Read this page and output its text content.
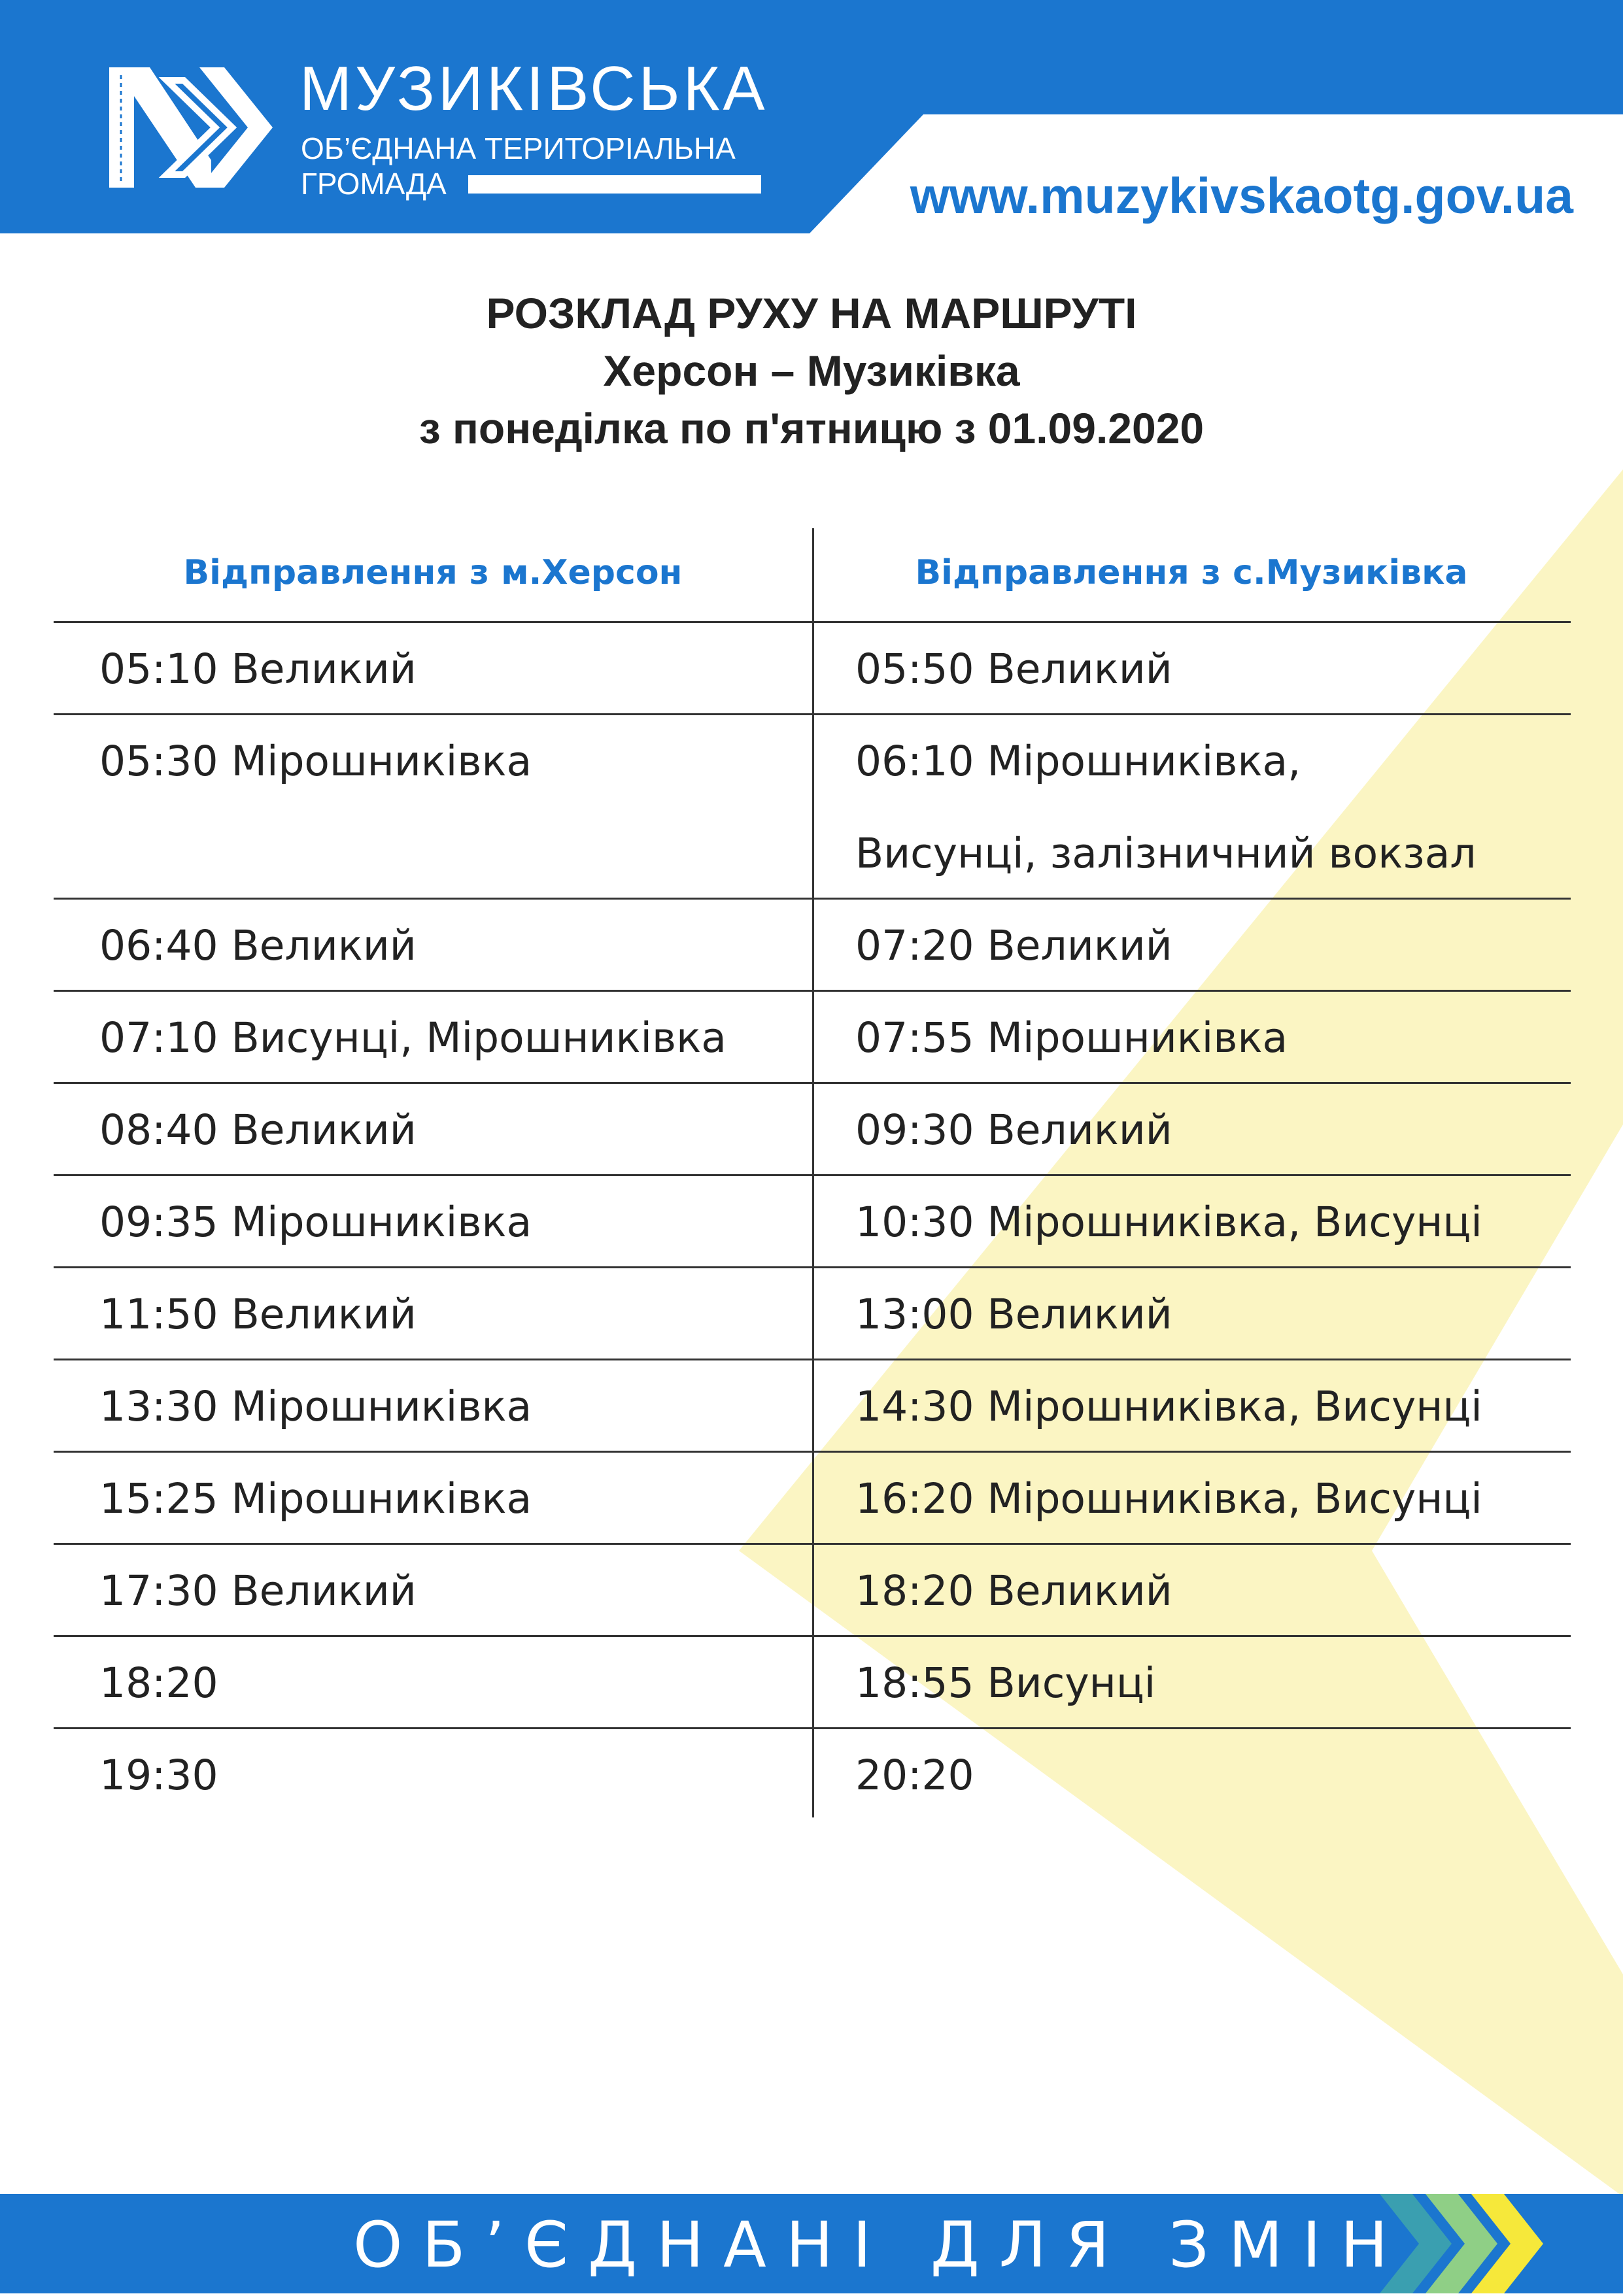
МУЗИКІВСЬКА
ОБ’ЄДНАНА ТЕРИТОРІАЛЬНА
ГРОМАДА	www.muzykivskaotg.gov.ua
РОЗКЛАД РУХУ НА МАРШРУТІ
Херсон – Музиківка
з понеділка по п'ятницю з 01.09.2020
Відправлення з м.Херсон	Відправлення з с.Музиківка
05:10 Великий	05:50 Великий
05:30 Мірошниківка	06:10 Мірошниківка,
Висунці, залізничний вокзал
06:40 Великий	07:20 Великий
07:10 Висунці, Мірошниківка	07:55 Мірошниківка
08:40 Великий	09:30 Великий
09:35 Мірошниківка	10:30 Мірошниківка, Висунці
11:50 Великий	13:00 Великий
13:30 Мірошниківка	14:30 Мірошниківка, Висунці
15:25 Мірошниківка	16:20 Мірошниківка, Висунці
17:30 Великий	18:20 Великий
18:20	18:55 Висунці
19:30	20:20
ОБ’ЄДНАНІ ДЛЯ ЗМІН
